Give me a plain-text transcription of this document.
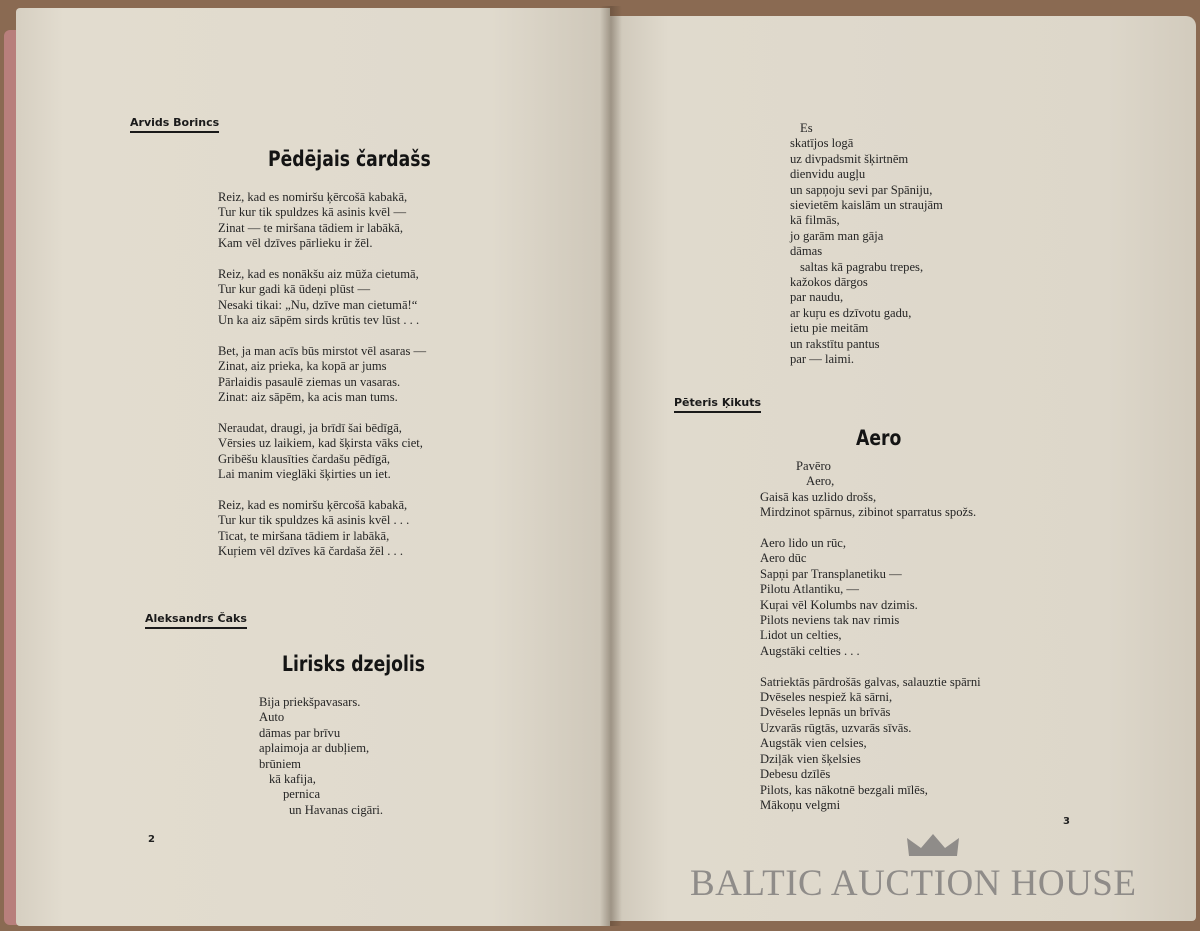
Arvids Borincs
Pēdējais čardašs
Reiz, kad es nomiršu ķērcošā kabakā,
Tur kur tik spuldzes kā asinis kvēl —
Zinat — te miršana tādiem ir labākā,
Kam vēl dzīves pārlieku ir žēl.
Reiz, kad es nonākšu aiz mūža cietumā,
Tur kur gadi kā ūdeņi plūst —
Nesaki tikai: „Nu, dzīve man cietumā!“
Un ka aiz sāpēm sirds krūtis tev lūst . . .
Bet, ja man acīs būs mirstot vēl asaras —
Zinat, aiz prieka, ka kopā ar jums
Pārlaidis pasaulē ziemas un vasaras.
Zinat: aiz sāpēm, ka acis man tums.
Neraudat, draugi, ja brīdī šai bēdīgā,
Vērsies uz laikiem, kad šķirsta vāks ciet,
Gribēšu klausīties čardašu pēdīgā,
Lai manim vieglāki šķirties un iet.
Reiz, kad es nomiršu ķērcošā kabakā,
Tur kur tik spuldzes kā asinis kvēl . . .
Ticat, te miršana tādiem ir labākā,
Kuŗiem vēl dzīves kā čardaša žēl . . .
Aleksandrs Čaks
Lirisks dzejolis
Bija priekšpavasars.
Auto
dāmas par brīvu
aplaimoja ar dubļiem,
brūniem
kā kafija,
pernica
un Havanas cigāri.
2
Es
skatījos logā
uz divpadsmit šķirtnēm
dienvidu augļu
un sapņoju sevi par Spāniju,
sievietēm kaislām un straujām
kā filmās,
jo garām man gāja
dāmas
saltas kā pagrabu trepes,
kažokos dārgos
par naudu,
ar kuŗu es dzīvotu gadu,
ietu pie meitām
un rakstītu pantus
par — laimi.
Pēteris Ķikuts
Aero
Pavēro
Aero,
Gaisā kas uzlido drošs,
Mirdzinot spārnus, zibinot sparratus spožs.
Aero lido un rūc,
Aero dūc
Sapņi par Transplanetiku —
Pilotu Atlantiku, —
Kuŗai vēl Kolumbs nav dzimis.
Pilots neviens tak nav rimis
Lidot un celties,
Augstāki celties . . .
Satriektās pārdrošās galvas, salauztie spārni
Dvēseles nespiež kā sārni,
Dvēseles lepnās un brīvās
Uzvarās rūgtās, uzvarās sīvās.
Augstāk vien celsies,
Dziļāk vien šķelsies
Debesu dzīlēs
Pilots, kas nākotnē bezgali mīlēs,
Mākoņu velgmi
3
BALTIC AUCTION HOUSE
